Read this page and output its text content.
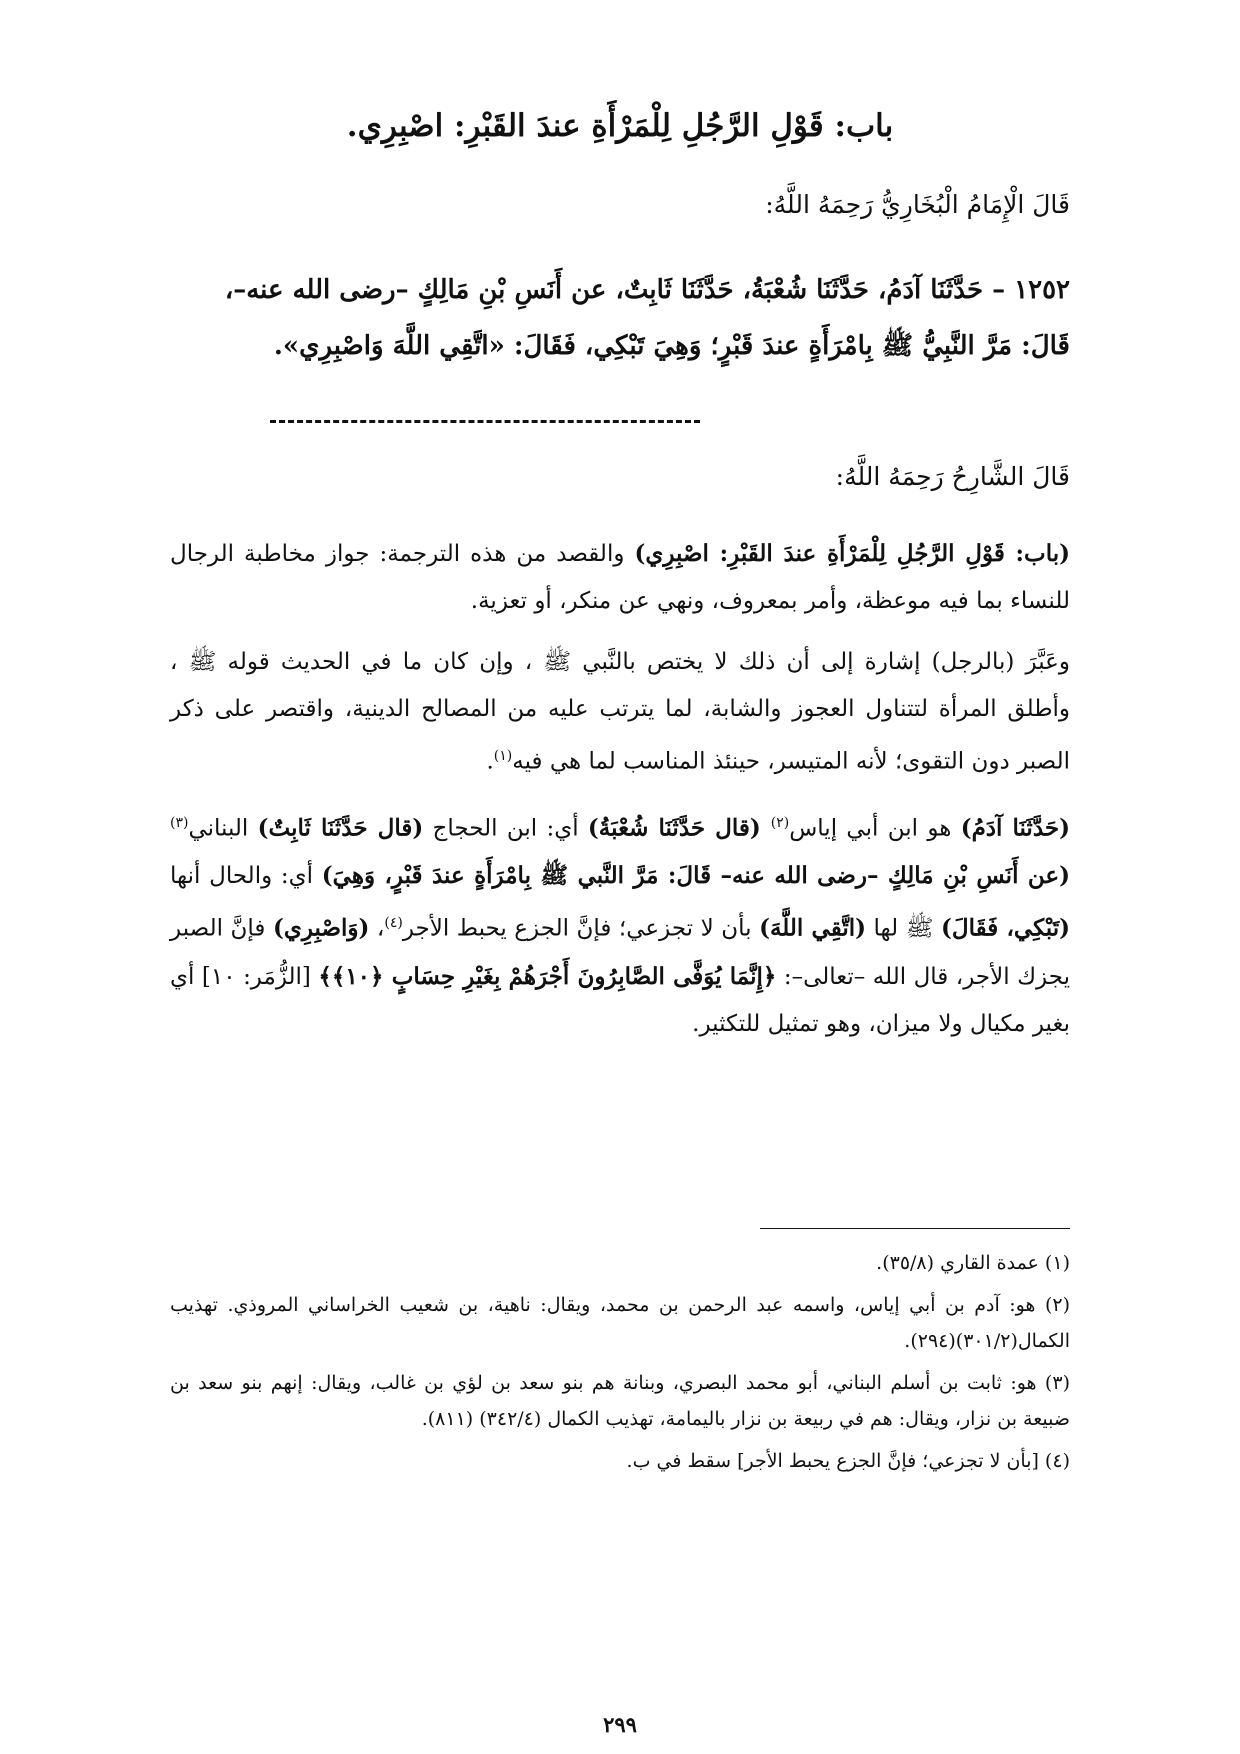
باب: قَوْلِ الرَّجُلِ لِلْمَرْأَةِ عندَ القَبْرِ: اصْبِرِي.
قَالَ الْإِمَامُ الْبُخَارِيُّ رَحِمَهُ اللَّهُ:
١٢٥٢ – حَدَّثَنَا آدَمُ، حَدَّثَنَا شُعْبَةُ، حَدَّثَنَا ثَابِتٌ، عن أَنَسِ بْنِ مَالِكٍ –رضى الله عنه–،
قَالَ: مَرَّ النَّبِيُّ ﷺ بِامْرَأَةٍ عندَ قَبْرٍ؛ وَهِيَ تَبْكِي، فَقَالَ: «اتَّقِي اللَّهَ وَاصْبِرِي».
قَالَ الشَّارِحُ رَحِمَهُ اللَّهُ:

(باب: قَوْلِ الرَّجُلِ لِلْمَرْأَةِ عندَ القَبْرِ: اصْبِرِي) والقصد من هذه الترجمة: جواز مخاطبة الرجال للنساء بما فيه موعظة، وأمر بمعروف، ونهي عن منكر، أو تعزية.

وعَبَّرَ (بالرجل) إشارة إلى أن ذلك لا يختص بالنَّبي ﷺ ، وإن كان ما في الحديث قوله ﷺ ، وأطلق المرأة لتتناول العجوز والشابة، لما يترتب عليه من المصالح الدينية، واقتصر على ذكر الصبر دون التقوى؛ لأنه المتيسر، حينئذ المناسب لما هي فيه$^{(١)}$.

(حَدَّثَنَا آدَمُ) هو ابن أبي إياس$^{(٢)}$ (قال حَدَّثَنَا شُعْبَةُ) أي: ابن الحجاج (قال حَدَّثَنَا ثَابِتٌ) البناني$^{(٣)}$ (عن أَنَسِ بْنِ مَالِكٍ –رضى الله عنه– قَالَ: مَرَّ النَّبي ﷺ بِامْرَأَةٍ عندَ قَبْرٍ، وَهِيَ) أي: والحال أنها (تَبْكِي، فَقَالَ) ﷺ لها (اتَّقِي اللَّهَ) بأن لا تجزعي؛ فإنَّ الجزع يحبط الأجر$^{(٤)}$، (وَاصْبِرِي) فإنَّ الصبر يجزك الأجر، قال الله –تعالى–: ﴿إِنَّمَا يُوَفَّى الصَّابِرُونَ أَجْرَهُمْ بِغَيْرِ حِسَابٍ ﴿١٠﴾﴾ [الزُّمَر: ١٠] أي بغير مكيال ولا ميزان، وهو تمثيل للتكثير.

(١) عمدة القاري (٣٥/٨).

(٢) هو: آدم بن أبي إياس، واسمه عبد الرحمن بن محمد، ويقال: ناهية، بن شعيب الخراساني المروذي. تهذيب الكمال(٣٠١/٢)(٢٩٤).

(٣) هو: ثابت بن أسلم البناني، أبو محمد البصري، وبنانة هم بنو سعد بن لؤي بن غالب، ويقال: إنهم بنو سعد بن ضبيعة بن نزار، ويقال: هم في ربيعة بن نزار باليمامة، تهذيب الكمال (٣٤٢/٤) (٨١١).

(٤) [بأن لا تجزعي؛ فإنَّ الجزع يحبط الأجر] سقط في ب.

٢٩٩
